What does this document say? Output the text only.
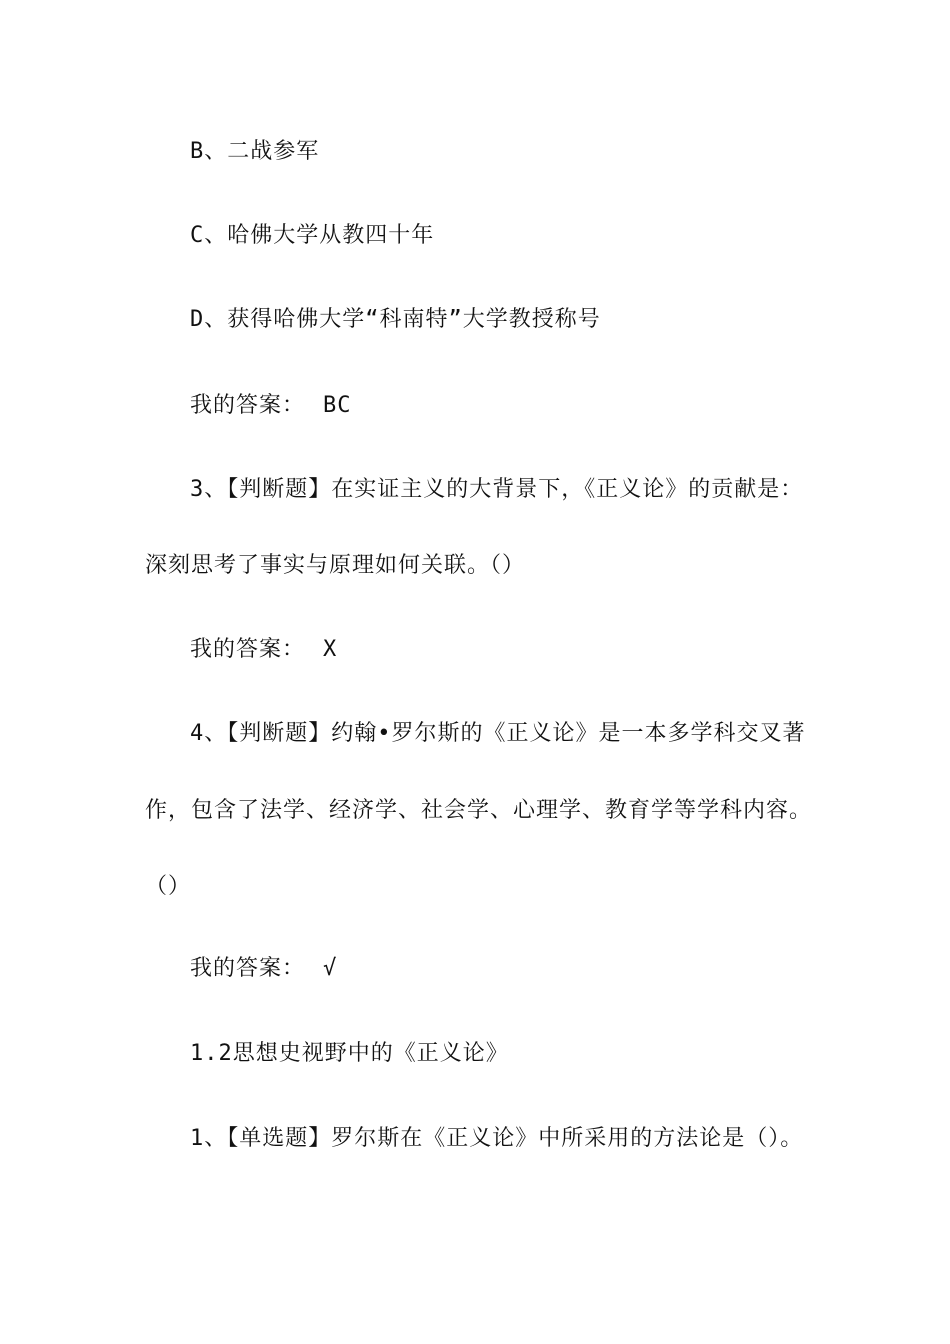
B、二战参军
C、哈佛大学从教四十年
D、获得哈佛大学“科南特”大学教授称号
我的答案： BC
3、【判断题】在实证主义的大背景下，《正义论》的贡献是：
深刻思考了事实与原理如何关联。（）
我的答案： X
4、【判断题】约翰•罗尔斯的《正义论》是一本多学科交叉著
作，包含了法学、经济学、社会学、心理学、教育学等学科内容。
（）
我的答案： √
1.2思想史视野中的《正义论》
1、【单选题】罗尔斯在《正义论》中所采用的方法论是（）。
